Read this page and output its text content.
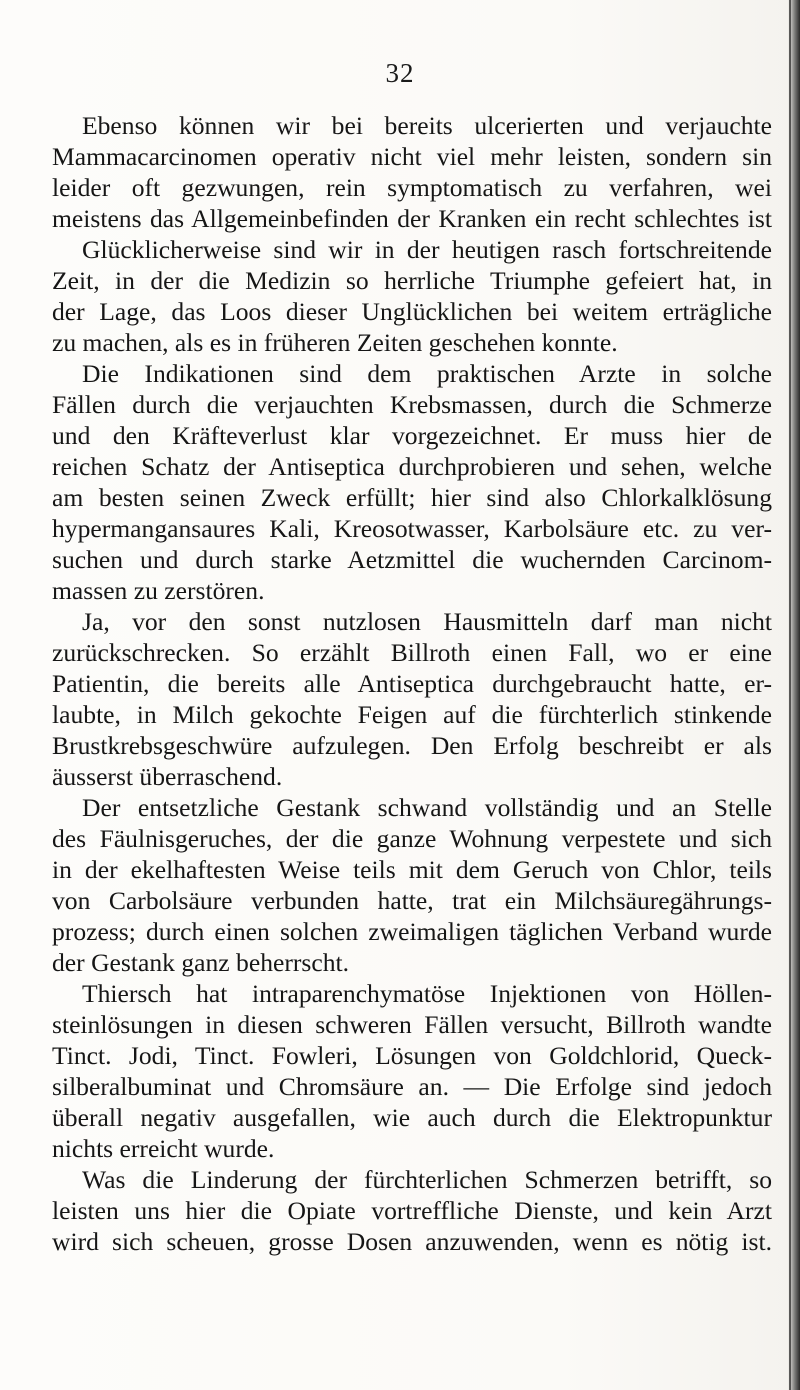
32
Ebenso können wir bei bereits ulcerierten und verjauchte
Mammacarcinomen operativ nicht viel mehr leisten, sondern sin
leider oft gezwungen, rein symptomatisch zu verfahren, wei
meistens das Allgemeinbefinden der Kranken ein recht schlechtes ist
Glücklicherweise sind wir in der heutigen rasch fortschreitende
Zeit, in der die Medizin so herrliche Triumphe gefeiert hat, in
der Lage, das Loos dieser Unglücklichen bei weitem erträgliche
zu machen, als es in früheren Zeiten geschehen konnte.
Die Indikationen sind dem praktischen Arzte in solche
Fällen durch die verjauchten Krebsmassen, durch die Schmerze
und den Kräfteverlust klar vorgezeichnet. Er muss hier de
reichen Schatz der Antiseptica durchprobieren und sehen, welche
am besten seinen Zweck erfüllt; hier sind also Chlorkalklösung
hypermangansaures Kali, Kreosotwasser, Karbolsäure etc. zu ver-
suchen und durch starke Aetzmittel die wuchernden Carcinom-
massen zu zerstören.
Ja, vor den sonst nutzlosen Hausmitteln darf man nicht
zurückschrecken. So erzählt Billroth einen Fall, wo er eine
Patientin, die bereits alle Antiseptica durchgebraucht hatte, er-
laubte, in Milch gekochte Feigen auf die fürchterlich stinkende
Brustkrebsgeschwüre aufzulegen. Den Erfolg beschreibt er als
äusserst überraschend.
Der entsetzliche Gestank schwand vollständig und an Stelle
des Fäulnisgeruches, der die ganze Wohnung verpestete und sich
in der ekelhaftesten Weise teils mit dem Geruch von Chlor, teils
von Carbolsäure verbunden hatte, trat ein Milchsäuregährungs-
prozess; durch einen solchen zweimaligen täglichen Verband wurde
der Gestank ganz beherrscht.
Thiersch hat intraparenchymatöse Injektionen von Höllen-
steinlösungen in diesen schweren Fällen versucht, Billroth wandte
Tinct. Jodi, Tinct. Fowleri, Lösungen von Goldchlorid, Queck-
silberalbuminat und Chromsäure an. — Die Erfolge sind jedoch
überall negativ ausgefallen, wie auch durch die Elektropunktur
nichts erreicht wurde.
Was die Linderung der fürchterlichen Schmerzen betrifft, so
leisten uns hier die Opiate vortreffliche Dienste, und kein Arzt
wird sich scheuen, grosse Dosen anzuwenden, wenn es nötig ist.
